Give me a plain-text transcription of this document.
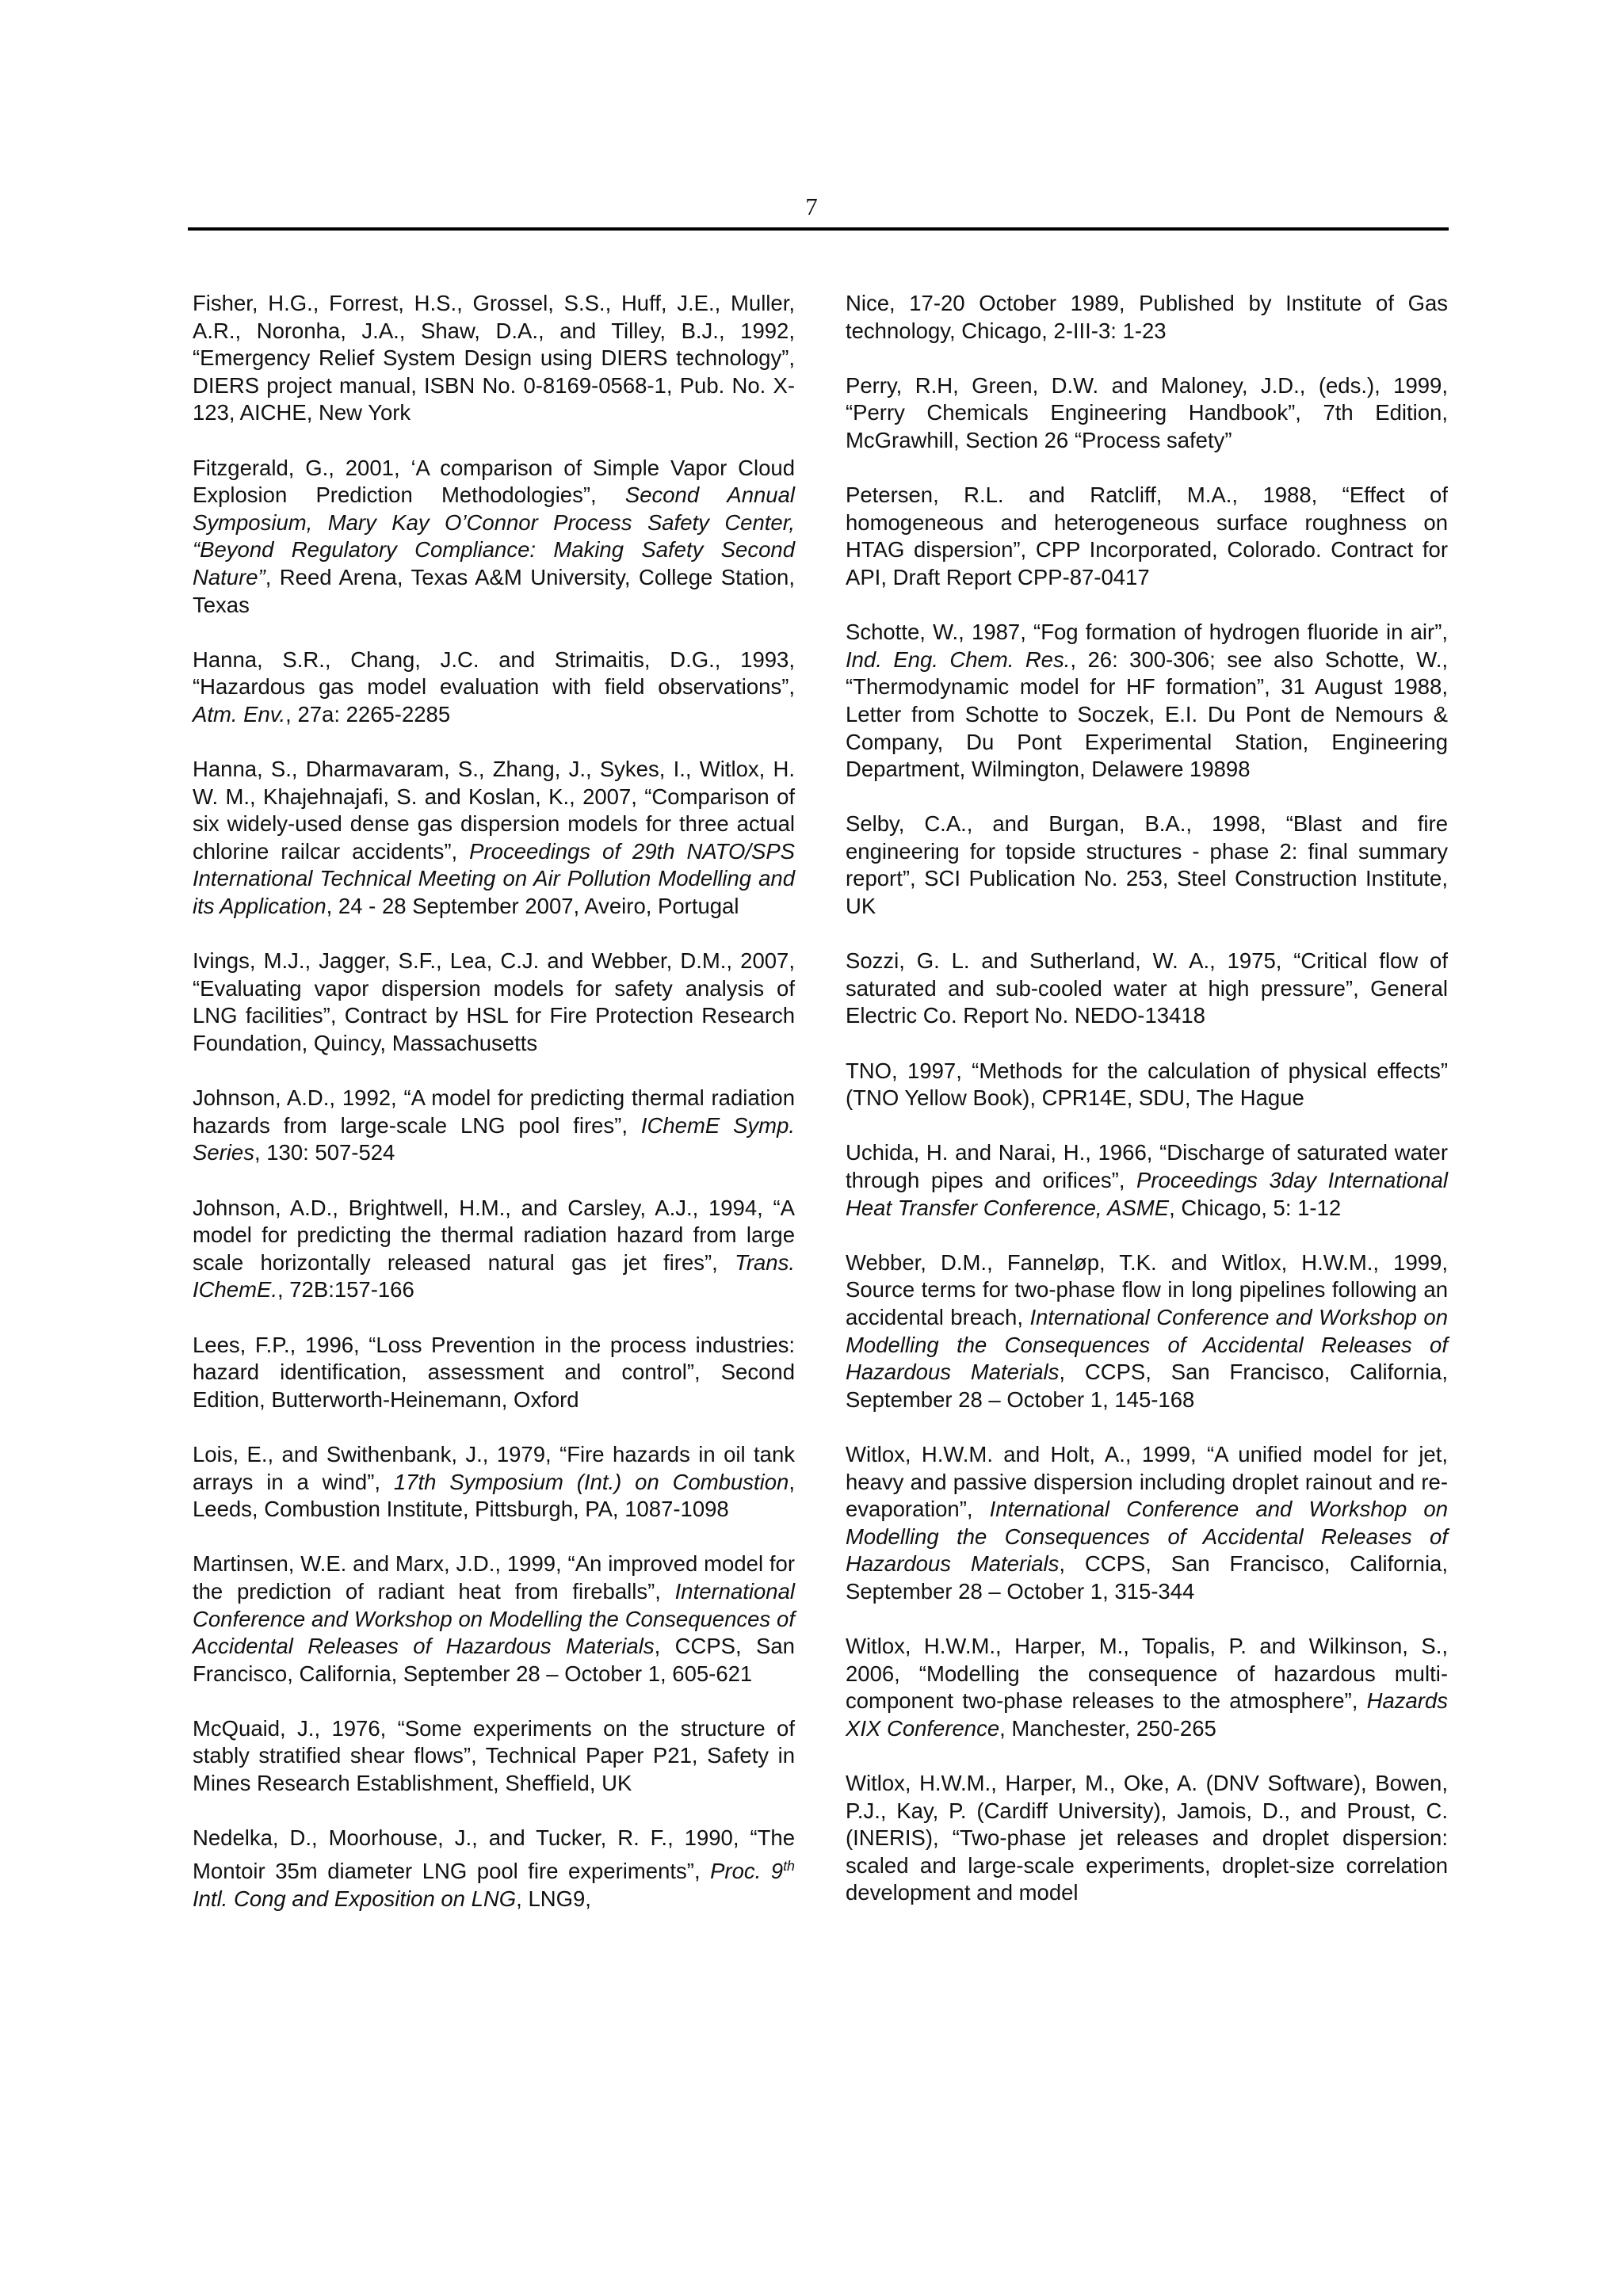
7

Fisher, H.G., Forrest, H.S., Grossel, S.S., Huff, J.E., Muller, A.R., Noronha, J.A., Shaw, D.A., and Tilley, B.J., 1992, “Emergency Relief System Design using DIERS technology”, DIERS project manual, ISBN No. 0-8169-0568-1, Pub. No. X-123, AICHE, New York

Fitzgerald, G., 2001, ‘A comparison of Simple Vapor Cloud Explosion Prediction Methodologies”, Second Annual Symposium, Mary Kay O’Connor Process Safety Center, “Beyond Regulatory Compliance: Making Safety Second Nature”, Reed Arena, Texas A&M University, College Station, Texas

Hanna, S.R., Chang, J.C. and Strimaitis, D.G., 1993, “Hazardous gas model evaluation with field observations”, Atm. Env., 27a: 2265-2285

Hanna, S., Dharmavaram, S., Zhang, J., Sykes, I., Witlox, H. W. M., Khajehnajafi, S. and Koslan, K., 2007, “Comparison of six widely-used dense gas dispersion models for three actual chlorine railcar accidents”, Proceedings of 29th NATO/SPS International Technical Meeting on Air Pollution Modelling and its Application, 24 - 28 September 2007, Aveiro, Portugal

Ivings, M.J., Jagger, S.F., Lea, C.J. and Webber, D.M., 2007, “Evaluating vapor dispersion models for safety analysis of LNG facilities”, Contract by HSL for Fire Protection Research Foundation, Quincy, Massachusetts

Johnson, A.D., 1992, “A model for predicting thermal radiation hazards from large-scale LNG pool fires”, IChemE Symp. Series, 130: 507-524

Johnson, A.D., Brightwell, H.M., and Carsley, A.J., 1994, “A model for predicting the thermal radiation hazard from large scale horizontally released natural gas jet fires”, Trans. IChemE., 72B:157-166

Lees, F.P., 1996, “Loss Prevention in the process industries: hazard identification, assessment and control”, Second Edition, Butterworth-Heinemann, Oxford

Lois, E., and Swithenbank, J., 1979, “Fire hazards in oil tank arrays in a wind”, 17th Symposium (Int.) on Combustion, Leeds, Combustion Institute, Pittsburgh, PA, 1087-1098

Martinsen, W.E. and Marx, J.D., 1999, “An improved model for the prediction of radiant heat from fireballs”, International Conference and Workshop on Modelling the Consequences of Accidental Releases of Hazardous Materials, CCPS, San Francisco, California, September 28 – October 1, 605-621

McQuaid, J., 1976, “Some experiments on the structure of stably stratified shear flows”, Technical Paper P21, Safety in Mines Research Establishment, Sheffield, UK

Nedelka, D., Moorhouse, J., and Tucker, R. F., 1990, “The Montoir 35m diameter LNG pool fire experiments”, Proc. 9th Intl. Cong and Exposition on LNG, LNG9,

Nice, 17-20 October 1989, Published by Institute of Gas technology, Chicago, 2-III-3: 1-23

Perry, R.H, Green, D.W. and Maloney, J.D., (eds.), 1999, “Perry Chemicals Engineering Handbook”, 7th Edition, McGrawhill, Section 26 “Process safety”

Petersen, R.L. and Ratcliff, M.A., 1988, “Effect of homogeneous and heterogeneous surface roughness on HTAG dispersion”, CPP Incorporated, Colorado. Contract for API, Draft Report CPP-87-0417

Schotte, W., 1987, “Fog formation of hydrogen fluoride in air”, Ind. Eng. Chem. Res., 26: 300-306; see also Schotte, W., “Thermodynamic model for HF formation”, 31 August 1988, Letter from Schotte to Soczek, E.I. Du Pont de Nemours & Company, Du Pont Experimental Station, Engineering Department, Wilmington, Delawere 19898

Selby, C.A., and Burgan, B.A., 1998, “Blast and fire engineering for topside structures - phase 2: final summary report”, SCI Publication No. 253, Steel Construction Institute, UK

Sozzi, G. L. and Sutherland, W. A., 1975, “Critical flow of saturated and sub-cooled water at high pressure”, General Electric Co. Report No. NEDO-13418

TNO, 1997, “Methods for the calculation of physical effects” (TNO Yellow Book), CPR14E, SDU, The Hague

Uchida, H. and Narai, H., 1966, “Discharge of saturated water through pipes and orifices”, Proceedings 3day International Heat Transfer Conference, ASME, Chicago, 5: 1-12

Webber, D.M., Fanneløp, T.K. and Witlox, H.W.M., 1999, Source terms for two-phase flow in long pipelines following an accidental breach, International Conference and Workshop on Modelling the Consequences of Accidental Releases of Hazardous Materials, CCPS, San Francisco, California, September 28 – October 1, 145-168

Witlox, H.W.M. and Holt, A., 1999, “A unified model for jet, heavy and passive dispersion including droplet rainout and re-evaporation”, International Conference and Workshop on Modelling the Consequences of Accidental Releases of Hazardous Materials, CCPS, San Francisco, California, September 28 – October 1, 315-344

Witlox, H.W.M., Harper, M., Topalis, P. and Wilkinson, S., 2006, “Modelling the consequence of hazardous multi-component two-phase releases to the atmosphere”, Hazards XIX Conference, Manchester, 250-265

Witlox, H.W.M., Harper, M., Oke, A. (DNV Software), Bowen, P.J., Kay, P. (Cardiff University), Jamois, D., and Proust, C. (INERIS), “Two-phase jet releases and droplet dispersion: scaled and large-scale experiments, droplet-size correlation development and model
